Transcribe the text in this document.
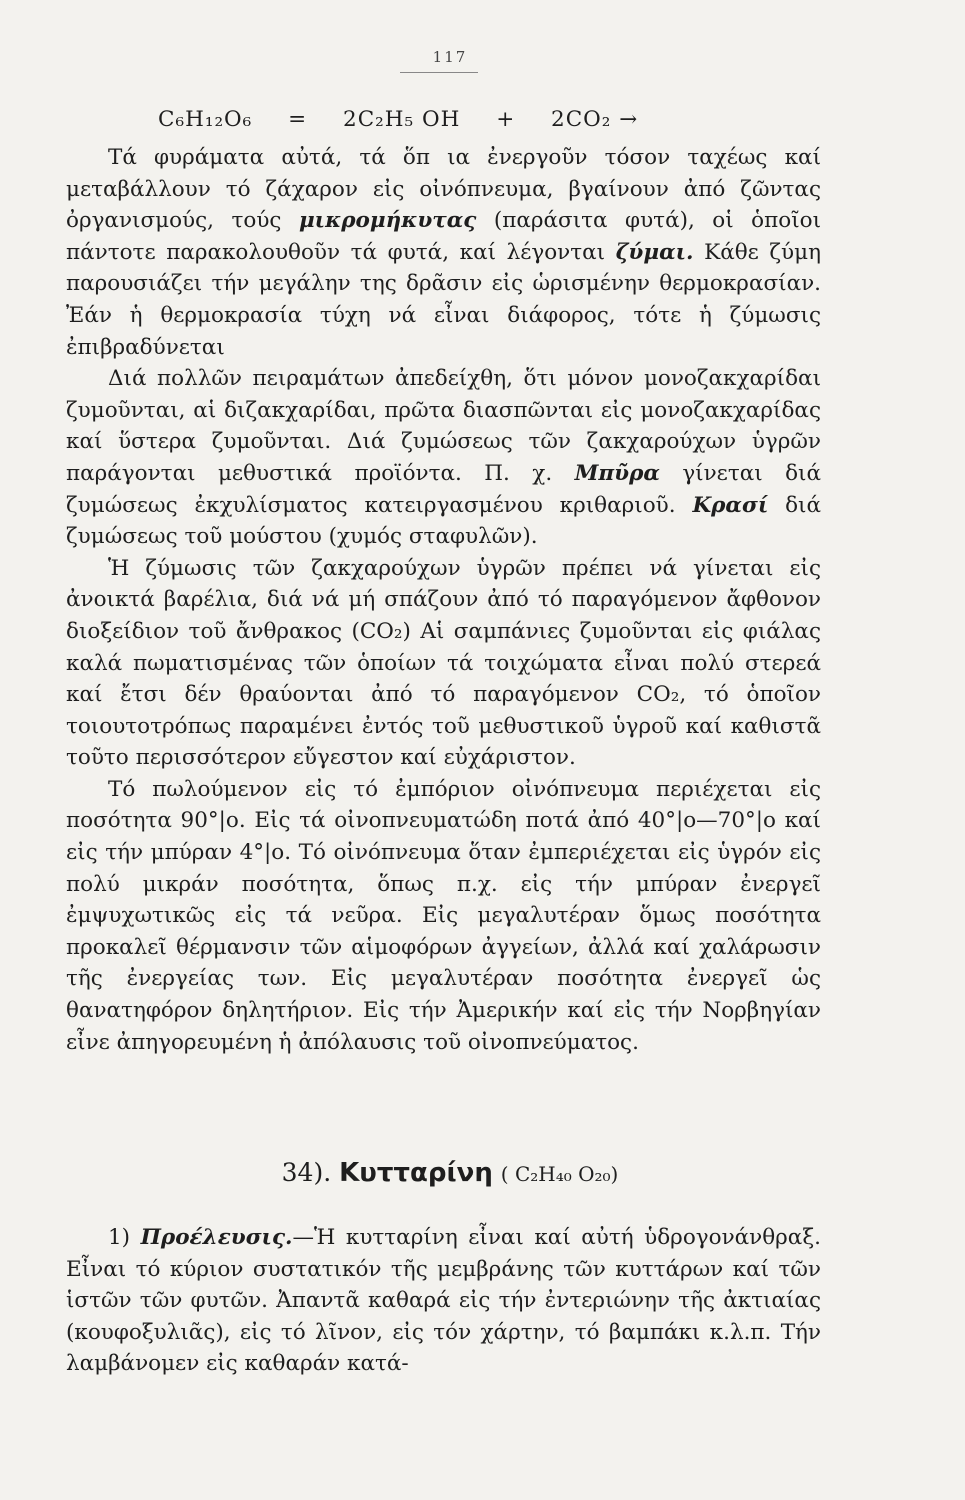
117
C₆H₁₂O₆ = 2C₂H₅ OH + 2CO₂ →

Τά φυράματα αὐτά, τά ὅπ ια ἐνεργοῦν τόσον ταχέως καί μεταβάλλουν τό ζάχαρον εἰς οἰνόπνευμα, βγαίνουν ἀπό ζῶντας ὀργανισμούς, τούς μικρομήκυτας (παράσιτα φυτά), οἱ ὁποῖοι πάντοτε παρακολουθοῦν τά φυτά, καί λέγονται ζύμαι. Κάθε ζύμη παρουσιάζει τήν μεγάλην της δρᾶσιν εἰς ὡρισμένην θερμοκρασίαν. Ἐάν ἡ θερμοκρασία τύχη νά εἶναι διάφορος, τότε ἡ ζύμωσις ἐπιβραδύνεται

Διά πολλῶν πειραμάτων ἀπεδείχθη, ὅτι μόνον μονοζακχαρίδαι ζυμοῦνται, αἱ διζακχαρίδαι, πρῶτα διασπῶνται εἰς μονοζακχαρίδας καί ὕστερα ζυμοῦνται. Διά ζυμώσεως τῶν ζακχαρούχων ὑγρῶν παράγονται μεθυστικά προϊόντα. Π. χ. Μπῦρα γίνεται διά ζυμώσεως ἐκχυλίσματος κατειργασμένου κριθαριοῦ. Κρασί διά ζυμώσεως τοῦ μούστου (χυμός σταφυλῶν).

Ἡ ζύμωσις τῶν ζακχαρούχων ὑγρῶν πρέπει νά γίνεται εἰς ἀνοικτά βαρέλια, διά νά μή σπάζουν ἀπό τό παραγόμενον ἄφθονον διοξείδιον τοῦ ἄνθρακος (CO₂) Αἱ σαμπάνιες ζυμοῦνται εἰς φιάλας καλά πωματισμένας τῶν ὁποίων τά τοιχώματα εἶναι πολύ στερεά καί ἔτσι δέν θραύονται ἀπό τό παραγόμενον CO₂, τό ὁποῖον τοιουτοτρόπως παραμένει ἐντός τοῦ μεθυστικοῦ ὑγροῦ καί καθιστᾶ τοῦτο περισσότερον εὔγεστον καί εὐχάριστον.

Τό πωλούμενον εἰς τό ἐμπόριον οἰνόπνευμα περιέχεται εἰς ποσότητα 90°|ο. Εἰς τά οἰνοπνευματώδη ποτά ἀπό 40°|ο—70°|ο καί εἰς τήν μπύραν 4°|ο. Τό οἰνόπνευμα ὅταν ἐμπεριέχεται εἰς ὑγρόν εἰς πολύ μικράν ποσότητα, ὅπως π.χ. εἰς τήν μπύραν ἐνεργεῖ ἐμψυχωτικῶς εἰς τά νεῦρα. Εἰς μεγαλυτέραν ὅμως ποσότητα προκαλεῖ θέρμανσιν τῶν αἱμοφόρων ἀγγείων, ἀλλά καί χαλάρωσιν τῆς ἐνεργείας των. Εἰς μεγαλυτέραν ποσότητα ἐνεργεῖ ὡς θανατηφόρον δηλητήριον. Εἰς τήν Ἀμερικήν καί εἰς τήν Νορβηγίαν εἶνε ἀπηγορευμένη ἡ ἀπόλαυσις τοῦ οἰνοπνεύματος.

34). Κυτταρίνη ( C₂H₄₀ O₂₀)

1) Προέλευσις.—Ἡ κυτταρίνη εἶναι καί αὐτή ὑδρογονάνθραξ. Εἶναι τό κύριον συστατικόν τῆς μεμβράνης τῶν κυττάρων καί τῶν ἱστῶν τῶν φυτῶν. Ἀπαντᾶ καθαρά εἰς τήν ἐντεριώνην τῆς ἀκτιαίας (κουφοξυλιᾶς), εἰς τό λῖνον, εἰς τόν χάρτην, τό βαμπάκι κ.λ.π. Τήν λαμβάνομεν εἰς καθαράν κατά-
